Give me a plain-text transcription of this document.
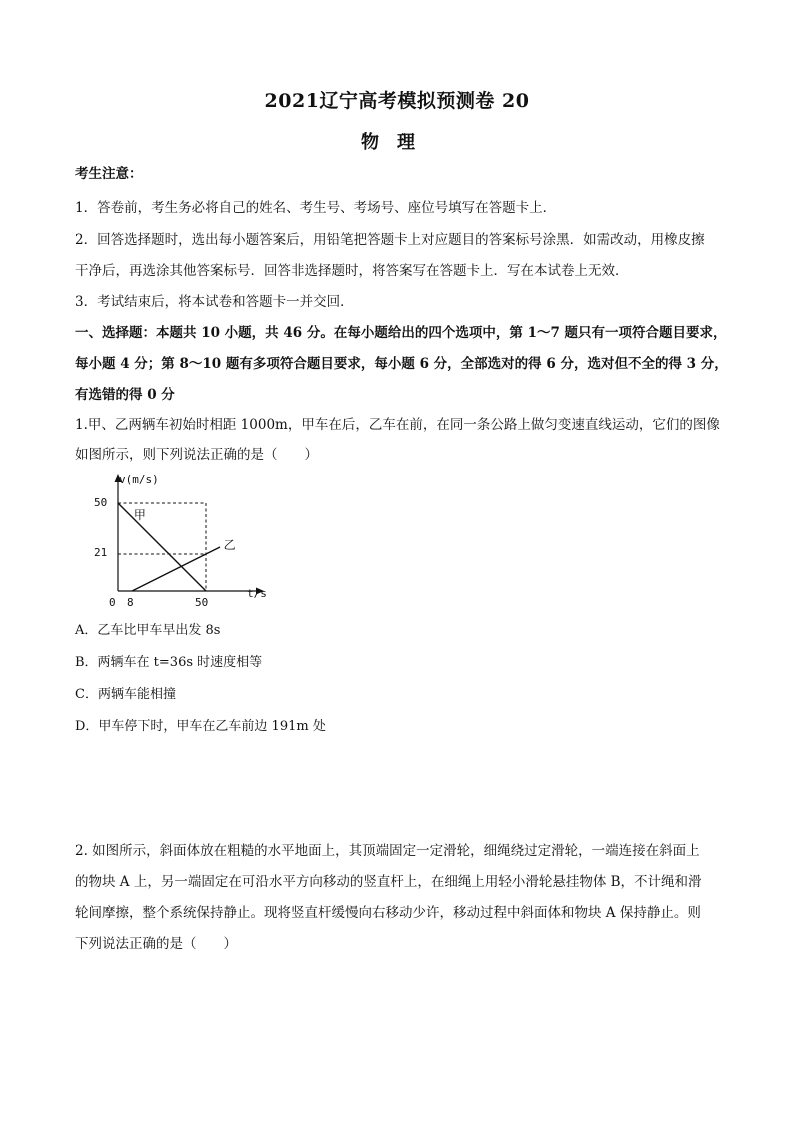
2021辽宁高考模拟预测卷 20
物理
考生注意：
1．答卷前，考生务必将自己的姓名、考生号、考场号、座位号填写在答题卡上．
2．回答选择题时，选出每小题答案后，用铅笔把答题卡上对应题目的答案标号涂黑．如需改动，用橡皮擦
干净后，再选涂其他答案标号．回答非选择题时，将答案写在答题卡上．写在本试卷上无效．
3．考试结束后，将本试卷和答题卡一并交回．
一、选择题：本题共 10 小题，共 46 分。在每小题给出的四个选项中，第 1～7 题只有一项符合题目要求，
每小题 4 分；第 8～10 题有多项符合题目要求，每小题 6 分，全部选对的得 6 分，选对但不全的得 3 分，
有选错的得 0 分
1.甲、乙两辆车初始时相距 1000m，甲车在后，乙车在前，在同一条公路上做匀变速直线运动，它们的图像
如图所示，则下列说法正确的是（　　）
v(m/s)
t/s
0 8	50
50
21
甲
乙
A．乙车比甲车早出发 8s
B．两辆车在 t=36s 时速度相等
C．两辆车能相撞
D．甲车停下时，甲车在乙车前边 191m 处
2. 如图所示，斜面体放在粗糙的水平地面上，其顶端固定一定滑轮，细绳绕过定滑轮，一端连接在斜面上
的物块 A 上，另一端固定在可沿水平方向移动的竖直杆上，在细绳上用轻小滑轮悬挂物体 B，不计绳和滑
轮间摩擦，整个系统保持静止。现将竖直杆缓慢向右移动少许，移动过程中斜面体和物块 A 保持静止。则
下列说法正确的是（　　）
